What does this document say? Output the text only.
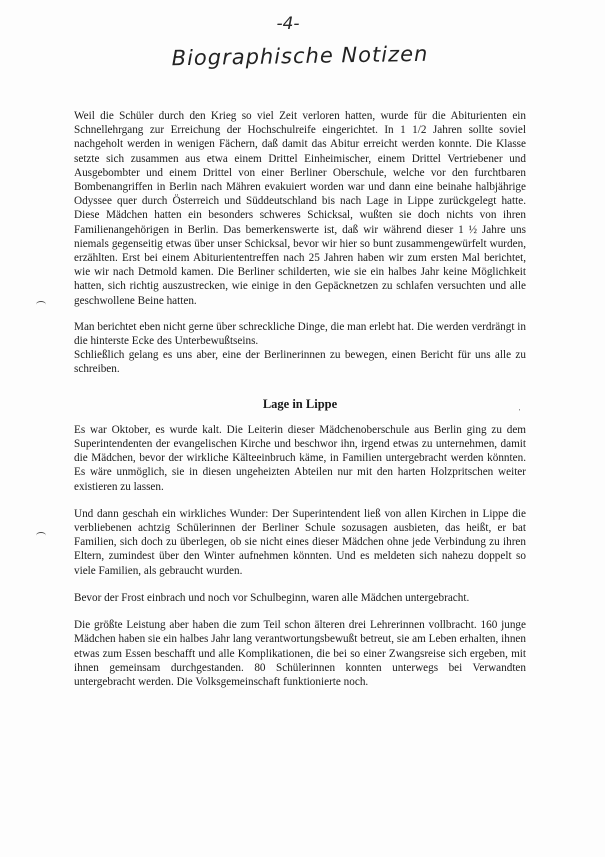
-4-
Biographische Notizen
'

Weil die Schüler durch den Krieg so viel Zeit verloren hatten, wurde für die Abiturienten ein Schnellehrgang zur Erreichung der Hochschulreife eingerichtet. In 1 1/2 Jahren sollte soviel nachgeholt werden in wenigen Fächern, daß damit das Abitur erreicht werden konnte. Die Klasse setzte sich zusammen aus etwa einem Drittel Einheimischer, einem Drittel Vertriebener und Ausgebombter und einem Drittel von einer Berliner Oberschule, welche vor den furchtbaren Bombenangriffen in Berlin nach Mähren evakuiert worden war und dann eine beinahe halbjährige Odyssee quer durch Österreich und Süddeutschland bis nach Lage in Lippe zurückgelegt hatte. Diese Mädchen hatten ein besonders schweres Schicksal, wußten sie doch nichts von ihren Familienangehörigen in Berlin. Das bemerkenswerte ist, daß wir während dieser 1 ½ Jahre uns niemals gegenseitig etwas über unser Schicksal, bevor wir hier so bunt zusammengewürfelt wurden, erzählten. Erst bei einem Abituriententreffen nach 25 Jahren haben wir zum ersten Mal berichtet, wie wir nach Detmold kamen. Die Berliner schilderten, wie sie ein halbes Jahr keine Möglichkeit hatten, sich richtig auszustrecken, wie einige in den Gepäcknetzen zu schlafen versuchten und alle geschwollene Beine hatten.

Man berichtet eben nicht gerne über schreckliche Dinge, die man erlebt hat. Die werden verdrängt in die hinterste Ecke des Unterbewußtseins.

Schließlich gelang es uns aber, eine der Berlinerinnen zu bewegen, einen Bericht für uns alle zu schreiben.

Lage in Lippe

Es war Oktober, es wurde kalt. Die Leiterin dieser Mädchenoberschule aus Berlin ging zu dem Superintendenten der evangelischen Kirche und beschwor ihn, irgend etwas zu unternehmen, damit die Mädchen, bevor der wirkliche Kälteeinbruch käme, in Familien untergebracht werden könnten. Es wäre unmöglich, sie in diesen ungeheizten Abteilen nur mit den harten Holzpritschen weiter existieren zu lassen.

Und dann geschah ein wirkliches Wunder: Der Superintendent ließ von allen Kirchen in Lippe die verbliebenen achtzig Schülerinnen der Berliner Schule sozusagen ausbieten, das heißt, er bat Familien, sich doch zu überlegen, ob sie nicht eines dieser Mädchen ohne jede Verbindung zu ihren Eltern, zumindest über den Winter aufnehmen könnten. Und es meldeten sich nahezu doppelt so viele Familien, als gebraucht wurden.

Bevor der Frost einbrach und noch vor Schulbeginn, waren alle Mädchen untergebracht.

Die größte Leistung aber haben die zum Teil schon älteren drei Lehrerinnen vollbracht. 160 junge Mädchen haben sie ein halbes Jahr lang verantwortungsbewußt betreut, sie am Leben erhalten, ihnen etwas zum Essen beschafft und alle Komplikationen, die bei so einer Zwangsreise sich ergeben, mit ihnen gemeinsam durchgestanden. 80 Schülerinnen konnten unterwegs bei Verwandten untergebracht werden. Die Volksgemeinschaft funktionierte noch.
